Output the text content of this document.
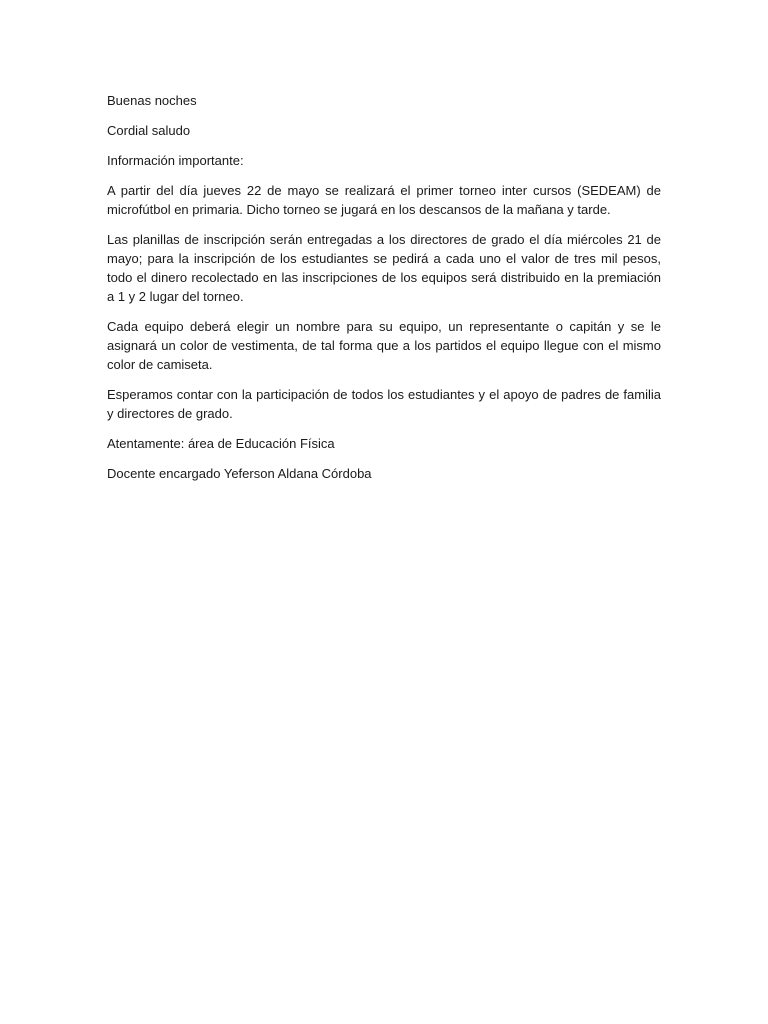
Buenas noches

Cordial saludo

Información importante:

A partir del día jueves 22 de mayo se realizará el primer torneo inter cursos (SEDEAM) de microfútbol en primaria. Dicho torneo se jugará en los descansos de la mañana y tarde.

Las planillas de inscripción serán entregadas a los directores de grado el día miércoles 21 de mayo; para la inscripción de los estudiantes se pedirá a cada uno el valor de tres mil pesos, todo el dinero recolectado en las inscripciones de los equipos será distribuido en la premiación a 1 y 2 lugar del torneo.

Cada equipo deberá elegir un nombre para su equipo, un representante o capitán y se le asignará un color de vestimenta, de tal forma que a los partidos el equipo llegue con el mismo color de camiseta.

Esperamos contar con la participación de todos los estudiantes y el apoyo de padres de familia y directores de grado.

Atentamente: área de Educación Física

Docente encargado Yeferson Aldana Córdoba
